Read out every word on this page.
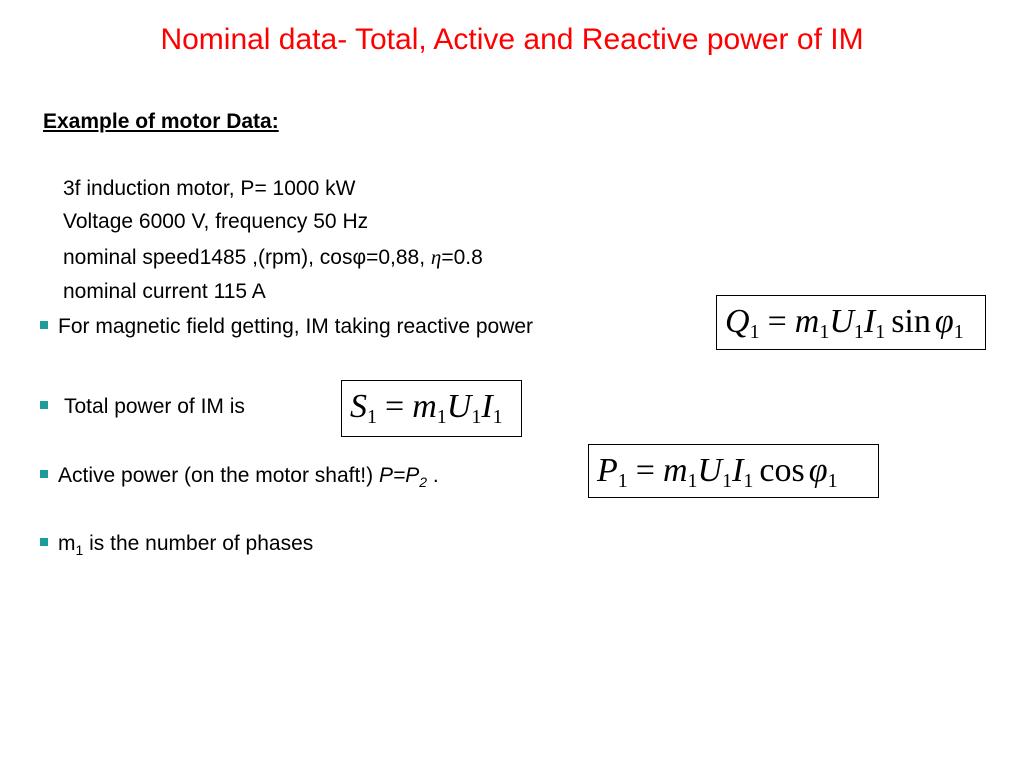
Nominal data- Total, Active and Reactive power of IM
Example of motor Data:
3f induction motor, P= 1000 kW
Voltage 6000 V, frequency 50 Hz
nominal speed1485 ,(rpm), cosφ=0,88, η=0.8
nominal current 115 A
For magnetic field getting, IM taking reactive power	$Q_1 = m_1U_1I_1$ $\sin \varphi_1$
Total power of IM is	$S_1 = m_1U_1I_1$
Active power (on the motor shaft!) $P=P_2$ .	$P_1 = m_1U_1I_1$ $\cos \varphi_1$
$m_1$ is the number of phases
